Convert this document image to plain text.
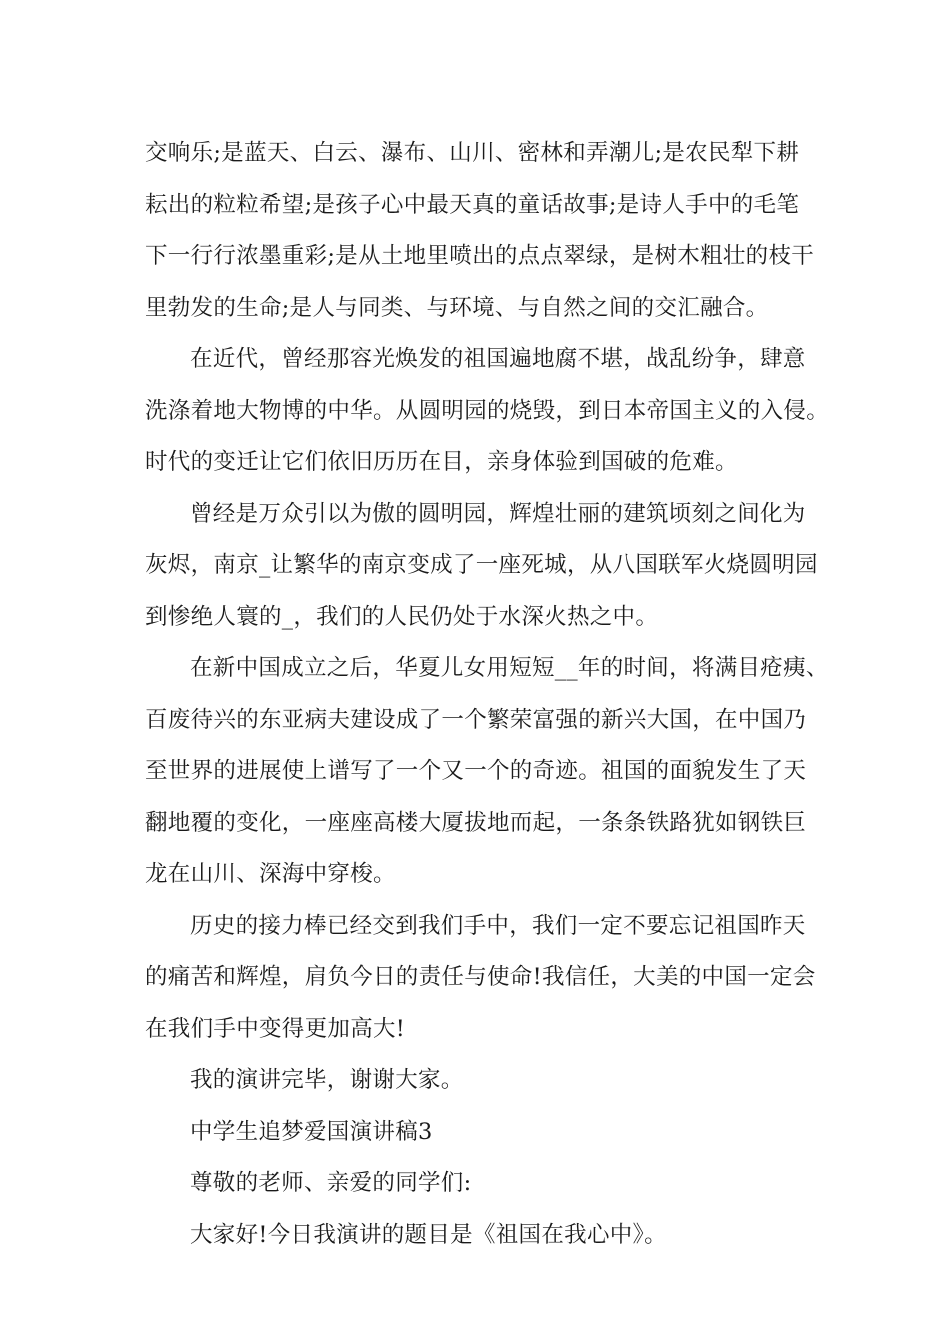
交响乐;是蓝天、白云、瀑布、山川、密林和弄潮儿;是农民犁下耕
耘出的粒粒希望;是孩子心中最天真的童话故事;是诗人手中的毛笔
下一行行浓墨重彩;是从土地里喷出的点点翠绿，是树木粗壮的枝干
里勃发的生命;是人与同类、与环境、与自然之间的交汇融合。
在近代，曾经那容光焕发的祖国遍地腐不堪，战乱纷争，肆意
洗涤着地大物博的中华。从圆明园的烧毁，到日本帝国主义的入侵。
时代的变迁让它们依旧历历在目，亲身体验到国破的危难。
曾经是万众引以为傲的圆明园，辉煌壮丽的建筑顷刻之间化为
灰烬，南京_让繁华的南京变成了一座死城，从八国联军火烧圆明园
到惨绝人寰的_，我们的人民仍处于水深火热之中。
在新中国成立之后，华夏儿女用短短__年的时间，将满目疮痍、
百废待兴的东亚病夫建设成了一个繁荣富强的新兴大国，在中国乃
至世界的进展使上谱写了一个又一个的奇迹。祖国的面貌发生了天
翻地覆的变化，一座座高楼大厦拔地而起，一条条铁路犹如钢铁巨
龙在山川、深海中穿梭。
历史的接力棒已经交到我们手中，我们一定不要忘记祖国昨天
的痛苦和辉煌，肩负今日的责任与使命!我信任，大美的中国一定会
在我们手中变得更加高大!
我的演讲完毕，谢谢大家。
中学生追梦爱国演讲稿3
尊敬的老师、亲爱的同学们:
大家好!今日我演讲的题目是《祖国在我心中》。
